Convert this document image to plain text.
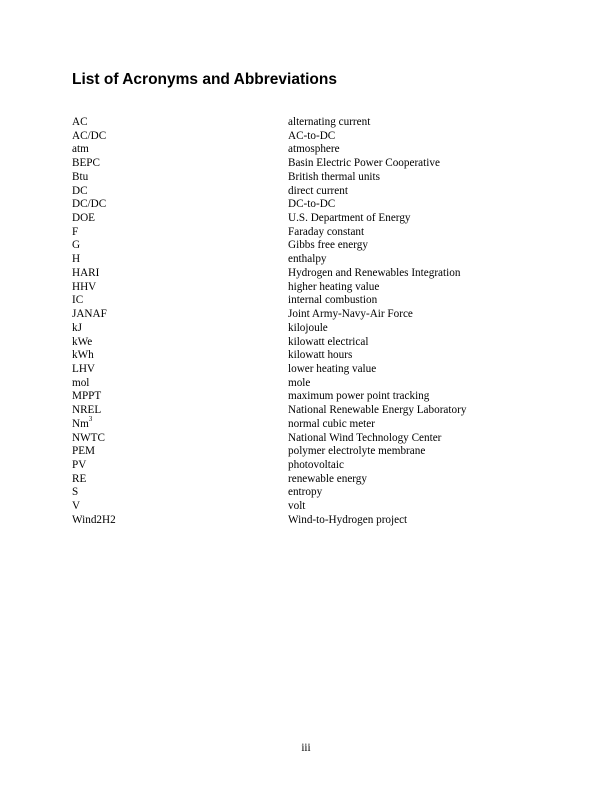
List of Acronyms and Abbreviations
AC	alternating current
AC/DC	AC-to-DC
atm	atmosphere
BEPC	Basin Electric Power Cooperative
Btu	British thermal units
DC	direct current
DC/DC	DC-to-DC
DOE	U.S. Department of Energy
F	Faraday constant
G	Gibbs free energy
H	enthalpy
HARI	Hydrogen and Renewables Integration
HHV	higher heating value
IC	internal combustion
JANAF	Joint Army-Navy-Air Force
kJ	kilojoule
kWe	kilowatt electrical
kWh	kilowatt hours
LHV	lower heating value
mol	mole
MPPT	maximum power point tracking
NREL	National Renewable Energy Laboratory
Nm$^3$	normal cubic meter
NWTC	National Wind Technology Center
PEM	polymer electrolyte membrane
PV	photovoltaic
RE	renewable energy
S	entropy
V	volt
Wind2H2	Wind-to-Hydrogen project
iii
